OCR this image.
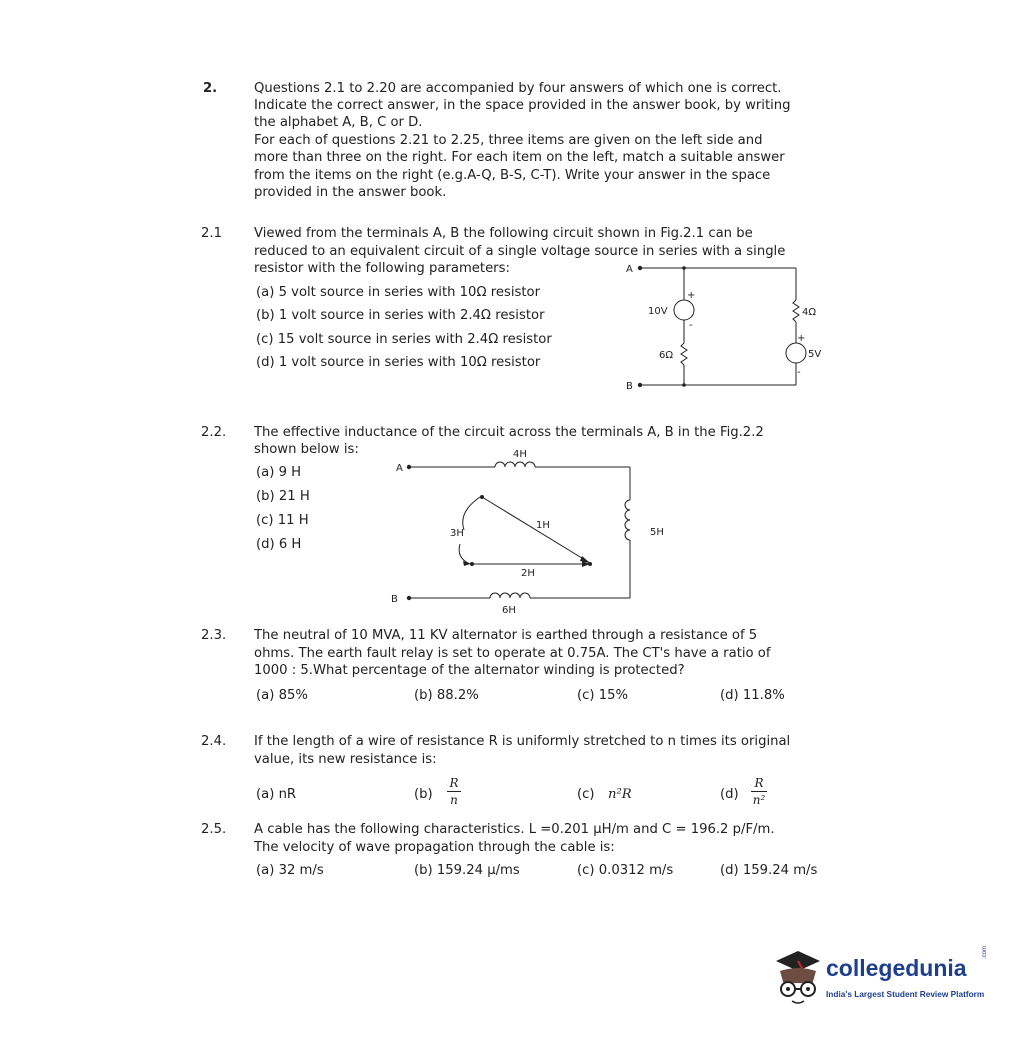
2.	Questions 2.1 to 2.20 are accompanied by four answers of which one is correct.
Indicate the correct answer, in the space provided in the answer book, by writing
the alphabet A, B, C or D.
For each of questions 2.21 to 2.25, three items are given on the left side and
more than three on the right. For each item on the left, match a suitable answer
from the items on the right (e.g.A-Q, B-S, C-T). Write your answer in the space
provided in the answer book.
2.1 Viewed from the terminals A, B the following circuit shown in Fig.2.1 can be
reduced to an equivalent circuit of a single voltage source in series with a single
resistor with the following parameters:
(a) 5 volt source in series with 10Ω resistor
(b) 1 volt source in series with 2.4Ω resistor
(c) 15 volt source in series with 2.4Ω resistor
(d) 1 volt source in series with 10Ω resistor
A
B
10V
+
-
6Ω
4Ω
+
5V
-
2.2. The effective inductance of the circuit across the terminals A, B in the Fig.2.2
shown below is:
(a) 9 H
(b) 21 H
(c) 11 H
(d) 6 H
A
B
4H
3H
1H
5H
2H
6H
2.3. The neutral of 10 MVA, 11 KV alternator is earthed through a resistance of 5
ohms. The earth fault relay is set to operate at 0.75A. The CT's have a ratio of
1000 : 5.What percentage of the alternator winding is protected?
(a) 85%	(b) 88.2%	(c) 15%	(d) 11.8%
2.4. If the length of a wire of resistance R is uniformly stretched to n times its original
value, its new resistance is:
(a) nR	(b)
R
n	(c) n²R	(d)
R
n²
2.5. A cable has the following characteristics. L =0.201 μH/m and C = 196.2 p/F/m.
The velocity of wave propagation through the cable is:
(a) 32 m/s	(b) 159.24 μ/ms	(c) 0.0312 m/s	(d) 159.24 m/s
collegedunia
.com
India's Largest Student Review Platform
